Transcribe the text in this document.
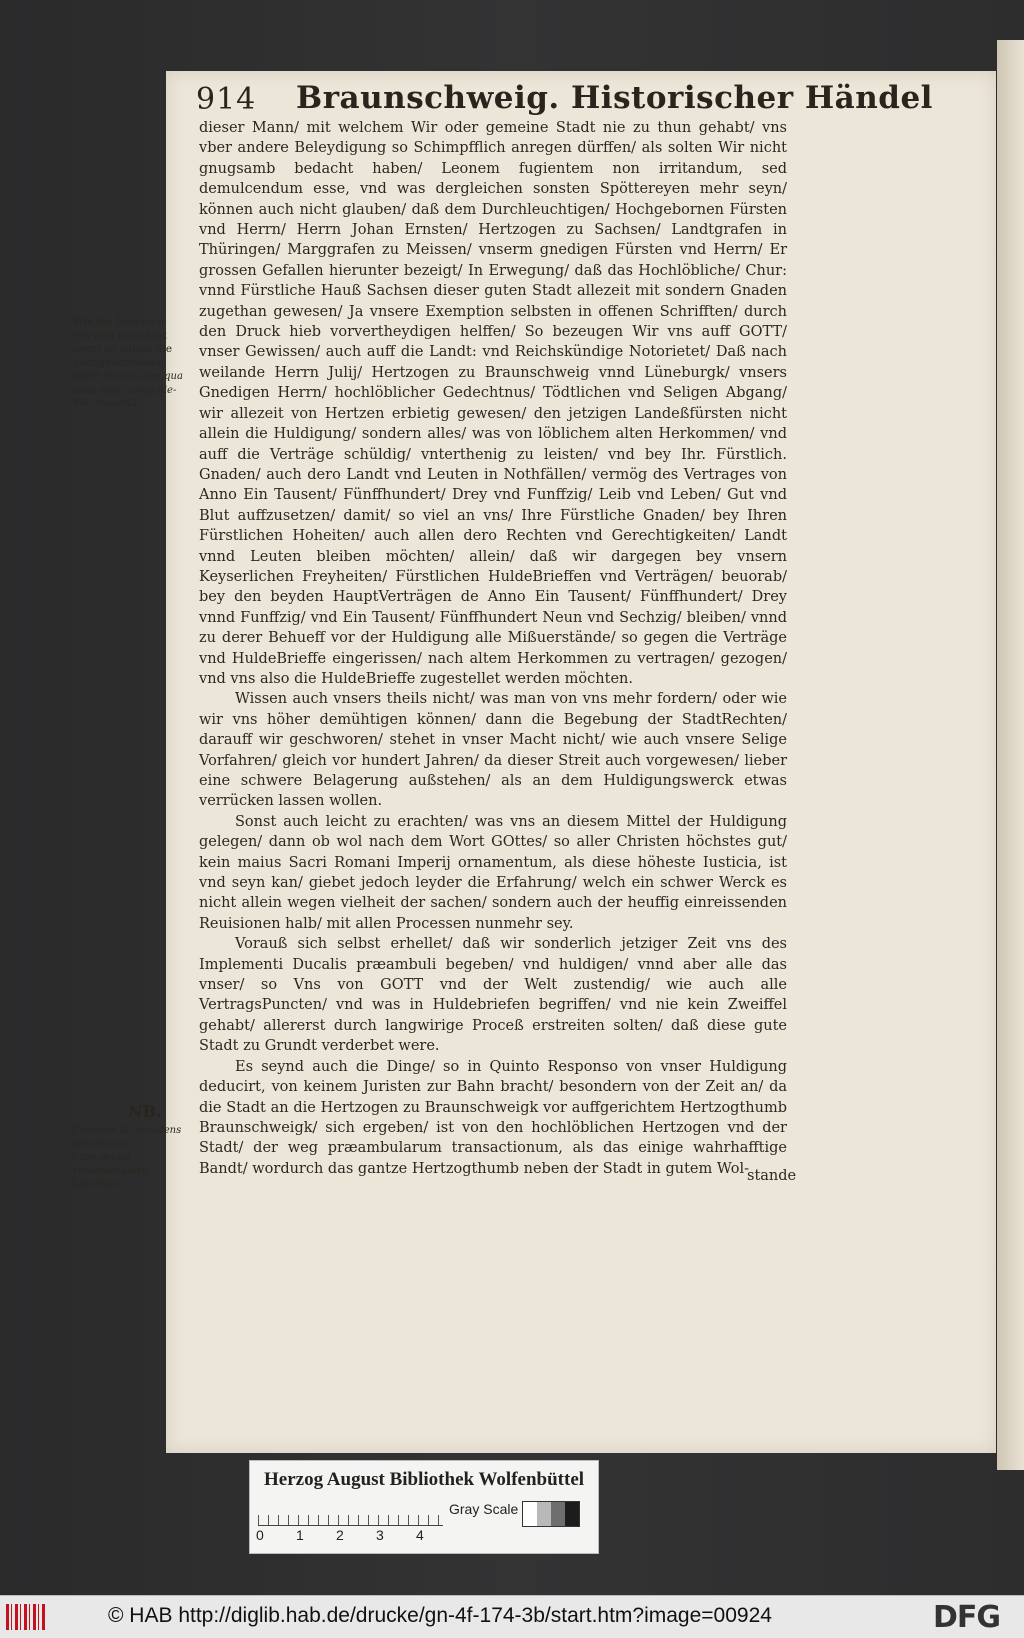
914 Braunschweig. Historischer Händel

dieser Mann/ mit welchem Wir oder gemeine Stadt nie zu thun gehabt/ vns vber andere Beleydigung so Schimpfflich anregen dürffen/ als solten Wir nicht gnugsamb bedacht haben/ Leonem fugientem non irritandum, sed demulcendum esse, vnd was dergleichen sonsten Spöttereyen mehr seyn/ können auch nicht glauben/ daß dem Durchleuchtigen/ Hochgebornen Fürsten vnd Herrn/ Herrn Johan Ernsten/ Hertzogen zu Sachsen/ Landtgrafen in Thüringen/ Marggrafen zu Meissen/ vnserm gnedigen Fürsten vnd Herrn/ Er grossen Gefallen hierunter bezeigt/ In Erwegung/ daß das Hochlöbliche/ Chur: vnnd Fürstliche Hauß Sachsen dieser guten Stadt allezeit mit sondern Gnaden zugethan gewesen/ Ja vnsere Exemption selbsten in offenen Schrifften/ durch den Druck hieb vorvertheydigen helffen/ So bezeugen Wir vns auff GOTT/ vnser Gewissen/ auch auff die Landt: vnd Reichskündige Notorietet/ Daß nach weilande Herrn Julij/ Hertzogen zu Braunschweig vnnd Lüneburgk/ vnsers Gnedigen Herrn/ hochlöblicher Gedechtnus/ Tödtlichen vnd Seligen Abgang/ wir allezeit von Hertzen erbietig gewesen/ den jetzigen Landeßfürsten nicht allein die Huldigung/ sondern alles/ was von löblichem alten Herkommen/ vnd auff die Verträge schüldig/ vnterthenig zu leisten/ vnd bey Ihr. Fürstlich. Gnaden/ auch dero Landt vnd Leuten in Nothfällen/ vermög des Vertrages von Anno Ein Tausent/ Fünffhundert/ Drey vnd Funffzig/ Leib vnd Leben/ Gut vnd Blut auffzusetzen/ damit/ so viel an vns/ Ihre Fürstliche Gnaden/ bey Ihren Fürstlichen Hoheiten/ auch allen dero Rechten vnd Gerechtigkeiten/ Landt vnnd Leuten bleiben möchten/ allein/ daß wir dargegen bey vnsern Keyserlichen Freyheiten/ Fürstlichen HuldeBrieffen vnd Verträgen/ beuorab/ bey den beyden HauptVerträgen de Anno Ein Tausent/ Fünffhundert/ Drey vnnd Funffzig/ vnd Ein Tausent/ Fünffhundert Neun vnd Sechzig/ bleiben/ vnnd zu derer Behueff vor der Huldigung alle Mißuerstände/ so gegen die Verträge vnd HuldeBrieffe eingerissen/ nach altem Herkommen zu vertragen/ gezogen/ vnd vns also die HuldeBrieffe zugestellet werden möchten.

Wissen auch vnsers theils nicht/ was man von vns mehr fordern/ oder wie wir vns höher demühtigen können/ dann die Begebung der StadtRechten/ darauff wir geschworen/ stehet in vnser Macht nicht/ wie auch vnsere Selige Vorfahren/ gleich vor hundert Jahren/ da dieser Streit auch vorgewesen/ lieber eine schwere Belagerung außstehen/ als an dem Huldigungswerck etwas verrücken lassen wollen.

Sonst auch leicht zu erachten/ was vns an diesem Mittel der Huldigung gelegen/ dann ob wol nach dem Wort GOttes/ so aller Christen höchstes gut/ kein maius Sacri Romani Imperij ornamentum, als diese höheste Iusticia, ist vnd seyn kan/ giebet jedoch leyder die Erfahrung/ welch ein schwer Werck es nicht allein wegen vielheit der sachen/ sondern auch der heuffig einreissenden Reuisionen halb/ mit allen Processen nunmehr sey.

Vorauß sich selbst erhellet/ daß wir sonderlich jetziger Zeit vns des Implementi Ducalis præambuli begeben/ vnd huldigen/ vnnd aber alle das vnser/ so Vns von GOTT vnd der Welt zustendig/ wie auch alle VertragsPuncten/ vnd was in Huldebriefen begriffen/ vnd nie kein Zweiffel gehabt/ allererst durch langwirige Proceß erstreiten solten/ daß diese gute Stadt zu Grundt verderbet were.

Es seynd auch die Dinge/ so in Quinto Responso von vnser Huldigung deducirt, von keinem Juristen zur Bahn bracht/ besondern von der Zeit an/ da die Stadt an die Hertzogen zu Braunschweigk vor auffgerichtem Hertzogthumb Braunschweigk/ sich ergeben/ ist von den hochlöblichen Hertzogen vnd der Stadt/ der weg præambularum transactionum, als das einige wahrhafftige Bandt/ wordurch das gantze Hertzogthumb neben der Stadt in gutem Wol-

stande
Wie die frommen Fürsten berichtet seyn/ so haben Sie nachgeschrieben
parte altera, cum qua ipsis male conuenie-bat, inaudita.
NB.
Crassum & impudens Mendacium.
Eine grobe vnuerschämte Landlüge.
Herzog August Bibliothek Wolfenbüttel
0 1 2 3 4
Gray Scale
© HAB http://diglib.hab.de/drucke/gn-4f-174-3b/start.htm?image=00924	DFG
